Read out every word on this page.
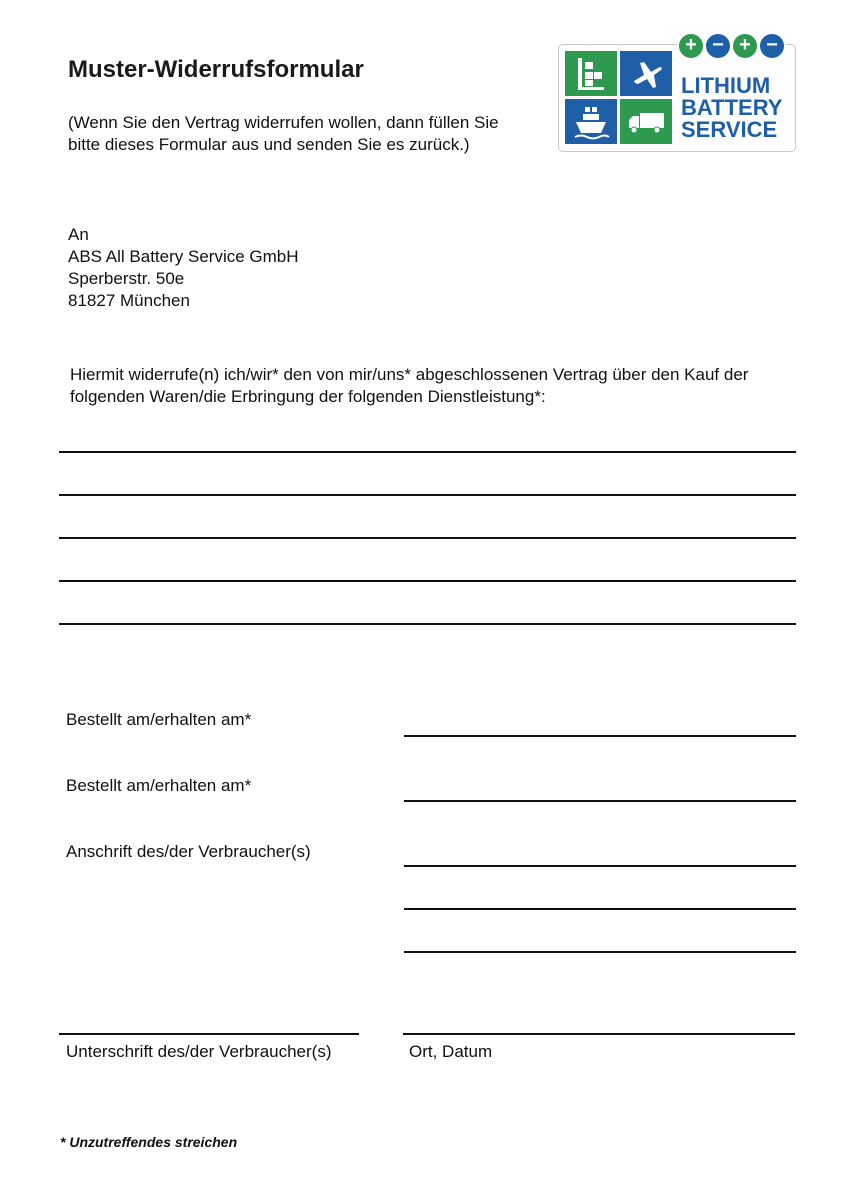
Muster-Widerrufsformular
(Wenn Sie den Vertrag widerrufen wollen, dann füllen Sie bitte dieses Formular aus und senden Sie es zurück.)
+ − + −
LITHIUM
BATTERY
SERVICE
An
ABS All Battery Service GmbH
Sperberstr. 50e
81827 München
Hiermit widerrufe(n) ich/wir* den von mir/uns* abgeschlossenen Vertrag über den Kauf der folgenden Waren/die Erbringung der folgenden Dienstleistung*:
Bestellt am/erhalten am*
Bestellt am/erhalten am*
Anschrift des/der Verbraucher(s)
Unterschrift des/der Verbraucher(s)	Ort, Datum
* Unzutreffendes streichen
